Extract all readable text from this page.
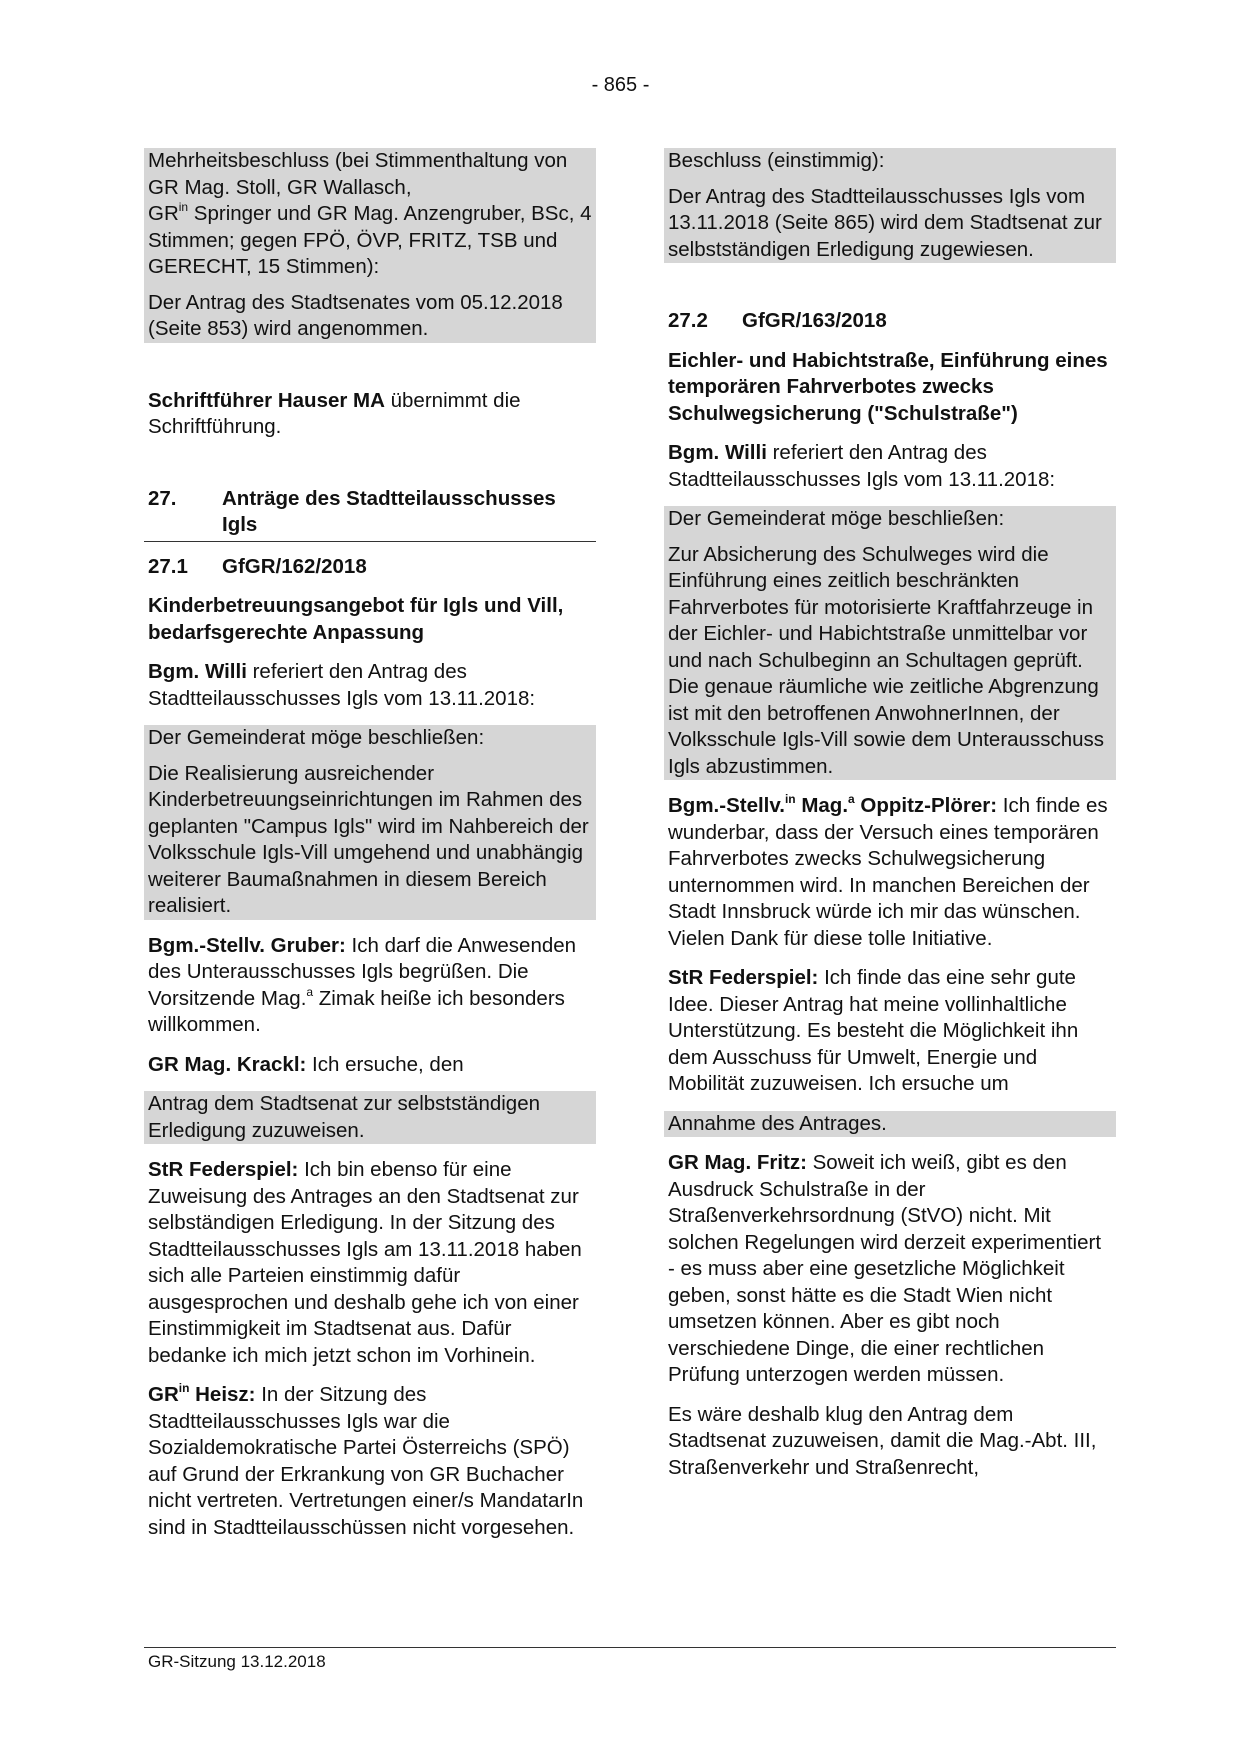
- 865 -

Mehrheitsbeschluss (bei Stimmenthaltung von GR Mag. Stoll, GR Wallasch,
$GR^{in}$ Springer und GR Mag. Anzengruber, BSc, 4 Stimmen; gegen FPÖ, ÖVP, FRITZ, TSB und GERECHT, 15 Stimmen):

Der Antrag des Stadtsenates vom 05.12.2018 (Seite 853) wird angenommen.

Schriftführer Hauser MA übernimmt die Schriftführung.

27.	Anträge des Stadtteilausschusses Igls
27.1	GfGR/162/2018

Kinderbetreuungsangebot für Igls und Vill, bedarfsgerechte Anpassung

Bgm. Willi referiert den Antrag des Stadtteilausschusses Igls vom 13.11.2018:

Der Gemeinderat möge beschließen:

Die Realisierung ausreichender Kinderbetreuungseinrichtungen im Rahmen des geplanten "Campus Igls" wird im Nahbereich der Volksschule Igls-Vill umgehend und unabhängig weiterer Baumaßnahmen in diesem Bereich realisiert.

Bgm.-Stellv. Gruber: Ich darf die Anwesenden des Unterausschusses Igls begrüßen. Die Vorsitzende Mag.$^a$ Zimak heiße ich besonders willkommen.

GR Mag. Krackl: Ich ersuche, den

Antrag dem Stadtsenat zur selbstständigen Erledigung zuzuweisen.

StR Federspiel: Ich bin ebenso für eine Zuweisung des Antrages an den Stadtsenat zur selbständigen Erledigung. In der Sitzung des Stadtteilausschusses Igls am 13.11.2018 haben sich alle Parteien einstimmig dafür ausgesprochen und deshalb gehe ich von einer Einstimmigkeit im Stadtsenat aus. Dafür bedanke ich mich jetzt schon im Vorhinein.

$GR^{in}$ Heisz: In der Sitzung des Stadtteilausschusses Igls war die Sozialdemokratische Partei Österreichs (SPÖ) auf Grund der Erkrankung von GR Buchacher nicht vertreten. Vertretungen einer/s MandatarIn sind in Stadtteilausschüssen nicht vorgesehen.

Beschluss (einstimmig):

Der Antrag des Stadtteilausschusses Igls vom 13.11.2018 (Seite 865) wird dem Stadtsenat zur selbstständigen Erledigung zugewiesen.

27.2	GfGR/163/2018

Eichler- und Habichtstraße, Einführung eines temporären Fahrverbotes zwecks Schulwegsicherung ("Schulstraße")

Bgm. Willi referiert den Antrag des Stadtteilausschusses Igls vom 13.11.2018:

Der Gemeinderat möge beschließen:

Zur Absicherung des Schulweges wird die Einführung eines zeitlich beschränkten Fahrverbotes für motorisierte Kraftfahrzeuge in der Eichler- und Habichtstraße unmittelbar vor und nach Schulbeginn an Schultagen geprüft. Die genaue räumliche wie zeitliche Abgrenzung ist mit den betroffenen AnwohnerInnen, der Volksschule Igls-Vill sowie dem Unterausschuss Igls abzustimmen.

Bgm.-Stellv.$^{in}$ Mag.$^a$ Oppitz-Plörer: Ich finde es wunderbar, dass der Versuch eines temporären Fahrverbotes zwecks Schulwegsicherung unternommen wird. In manchen Bereichen der Stadt Innsbruck würde ich mir das wünschen. Vielen Dank für diese tolle Initiative.

StR Federspiel: Ich finde das eine sehr gute Idee. Dieser Antrag hat meine vollinhaltliche Unterstützung. Es besteht die Möglichkeit ihn dem Ausschuss für Umwelt, Energie und Mobilität zuzuweisen. Ich ersuche um

Annahme des Antrages.

GR Mag. Fritz: Soweit ich weiß, gibt es den Ausdruck Schulstraße in der Straßenverkehrsordnung (StVO) nicht. Mit solchen Regelungen wird derzeit experimentiert - es muss aber eine gesetzliche Möglichkeit geben, sonst hätte es die Stadt Wien nicht umsetzen können. Aber es gibt noch verschiedene Dinge, die einer rechtlichen Prüfung unterzogen werden müssen.

Es wäre deshalb klug den Antrag dem Stadtsenat zuzuweisen, damit die Mag.-Abt. III, Straßenverkehr und Straßenrecht,

GR-Sitzung 13.12.2018
